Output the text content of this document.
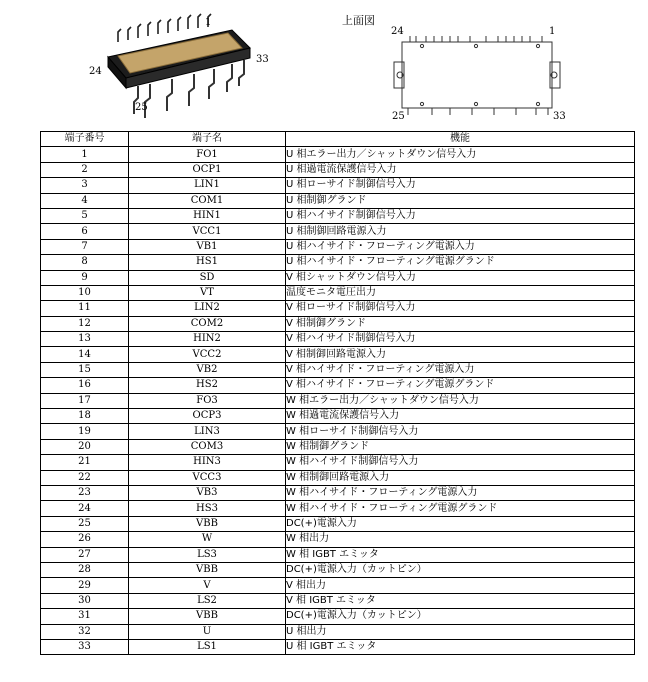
1
24
33
25
上面図
24	1
25	33
端子番号	端子名	機能
1	FO1	U 相エラー出力／シャットダウン信号入力
2	OCP1	U 相過電流保護信号入力
3	LIN1	U 相ローサイド制御信号入力
4	COM1	U 相制御グランド
5	HIN1	U 相ハイサイド制御信号入力
6	VCC1	U 相制御回路電源入力
7	VB1	U 相ハイサイド・フローティング電源入力
8	HS1	U 相ハイサイド・フローティング電源グランド
9	SD	V 相シャットダウン信号入力
10	VT	温度モニタ電圧出力
11	LIN2	V 相ローサイド制御信号入力
12	COM2	V 相制御グランド
13	HIN2	V 相ハイサイド制御信号入力
14	VCC2	V 相制御回路電源入力
15	VB2	V 相ハイサイド・フローティング電源入力
16	HS2	V 相ハイサイド・フローティング電源グランド
17	FO3	W 相エラー出力／シャットダウン信号入力
18	OCP3	W 相過電流保護信号入力
19	LIN3	W 相ローサイド制御信号入力
20	COM3	W 相制御グランド
21	HIN3	W 相ハイサイド制御信号入力
22	VCC3	W 相制御回路電源入力
23	VB3	W 相ハイサイド・フローティング電源入力
24	HS3	W 相ハイサイド・フローティング電源グランド
25	VBB	DC(+)電源入力
26	W	W 相出力
27	LS3	W 相 IGBT エミッタ
28	VBB	DC(+)電源入力（カットピン）
29	V	V 相出力
30	LS2	V 相 IGBT エミッタ
31	VBB	DC(+)電源入力（カットピン）
32	U	U 相出力
33	LS1	U 相 IGBT エミッタ
